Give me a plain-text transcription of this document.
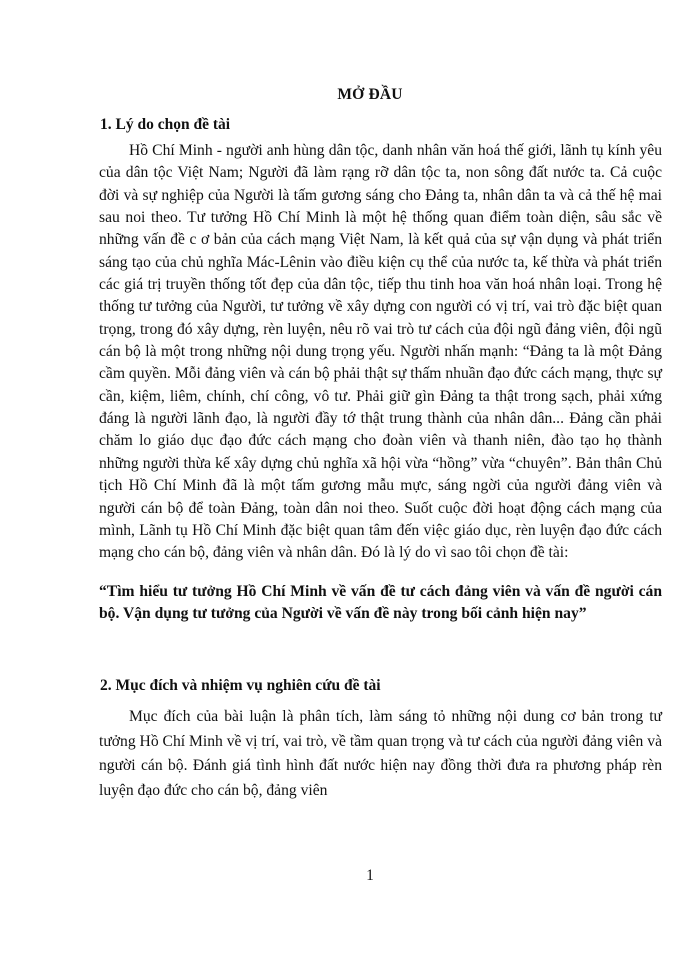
MỞ ĐẦU
1. Lý do chọn đề tài

Hồ Chí Minh - người anh hùng dân tộc, danh nhân văn hoá thế giới, lãnh tụ kính yêu của dân tộc Việt Nam; Người đã làm rạng rỡ dân tộc ta, non sông đất nước ta. Cả cuộc đời và sự nghiệp của Người là tấm gương sáng cho Đảng ta, nhân dân ta và cả thế hệ mai sau noi theo. Tư tưởng Hồ Chí Minh là một hệ thống quan điểm toàn diện, sâu sắc về những vấn đề c ơ bản của cách mạng Việt Nam, là kết quả của sự vận dụng và phát triển sáng tạo của chủ nghĩa Mác-Lênin vào điều kiện cụ thể của nước ta, kế thừa và phát triển các giá trị truyền thống tốt đẹp của dân tộc, tiếp thu tinh hoa văn hoá nhân loại. Trong hệ thống tư tưởng của Người, tư tưởng về xây dựng con người có vị trí, vai trò đặc biệt quan trọng, trong đó xây dựng, rèn luyện, nêu rõ vai trò tư cách của đội ngũ đảng viên, đội ngũ cán bộ là một trong những nội dung trọng yếu. Người nhấn mạnh: “Đảng ta là một Đảng cầm quyền. Mỗi đảng viên và cán bộ phải thật sự thấm nhuần đạo đức cách mạng, thực sự cần, kiệm, liêm, chính, chí công, vô tư. Phải giữ gìn Đảng ta thật trong sạch, phải xứng đáng là người lãnh đạo, là người đầy tớ thật trung thành của nhân dân... Đảng cần phải chăm lo giáo dục đạo đức cách mạng cho đoàn viên và thanh niên, đào tạo họ thành những người thừa kế xây dựng chủ nghĩa xã hội vừa “hồng” vừa “chuyên”. Bản thân Chủ tịch Hồ Chí Minh đã là một tấm gương mẫu mực, sáng ngời của người đảng viên và người cán bộ để toàn Đảng, toàn dân noi theo. Suốt cuộc đời hoạt động cách mạng của mình, Lãnh tụ Hồ Chí Minh đặc biệt quan tâm đến việc giáo dục, rèn luyện đạo đức cách mạng cho cán bộ, đảng viên và nhân dân. Đó là lý do vì sao tôi chọn đề tài:

“Tìm hiểu tư tưởng Hồ Chí Minh về vấn đề tư cách đảng viên và vấn đề người cán bộ. Vận dụng tư tưởng của Người về vấn đề này trong bối cảnh hiện nay”

2. Mục đích và nhiệm vụ nghiên cứu đề tài

Mục đích của bài luận là phân tích, làm sáng tỏ những nội dung cơ bản trong tư tưởng Hồ Chí Minh về vị trí, vai trò, về tầm quan trọng và tư cách của người đảng viên và người cán bộ. Đánh giá tình hình đất nước hiện nay đồng thời đưa ra phương pháp rèn luyện đạo đức cho cán bộ, đảng viên

1
